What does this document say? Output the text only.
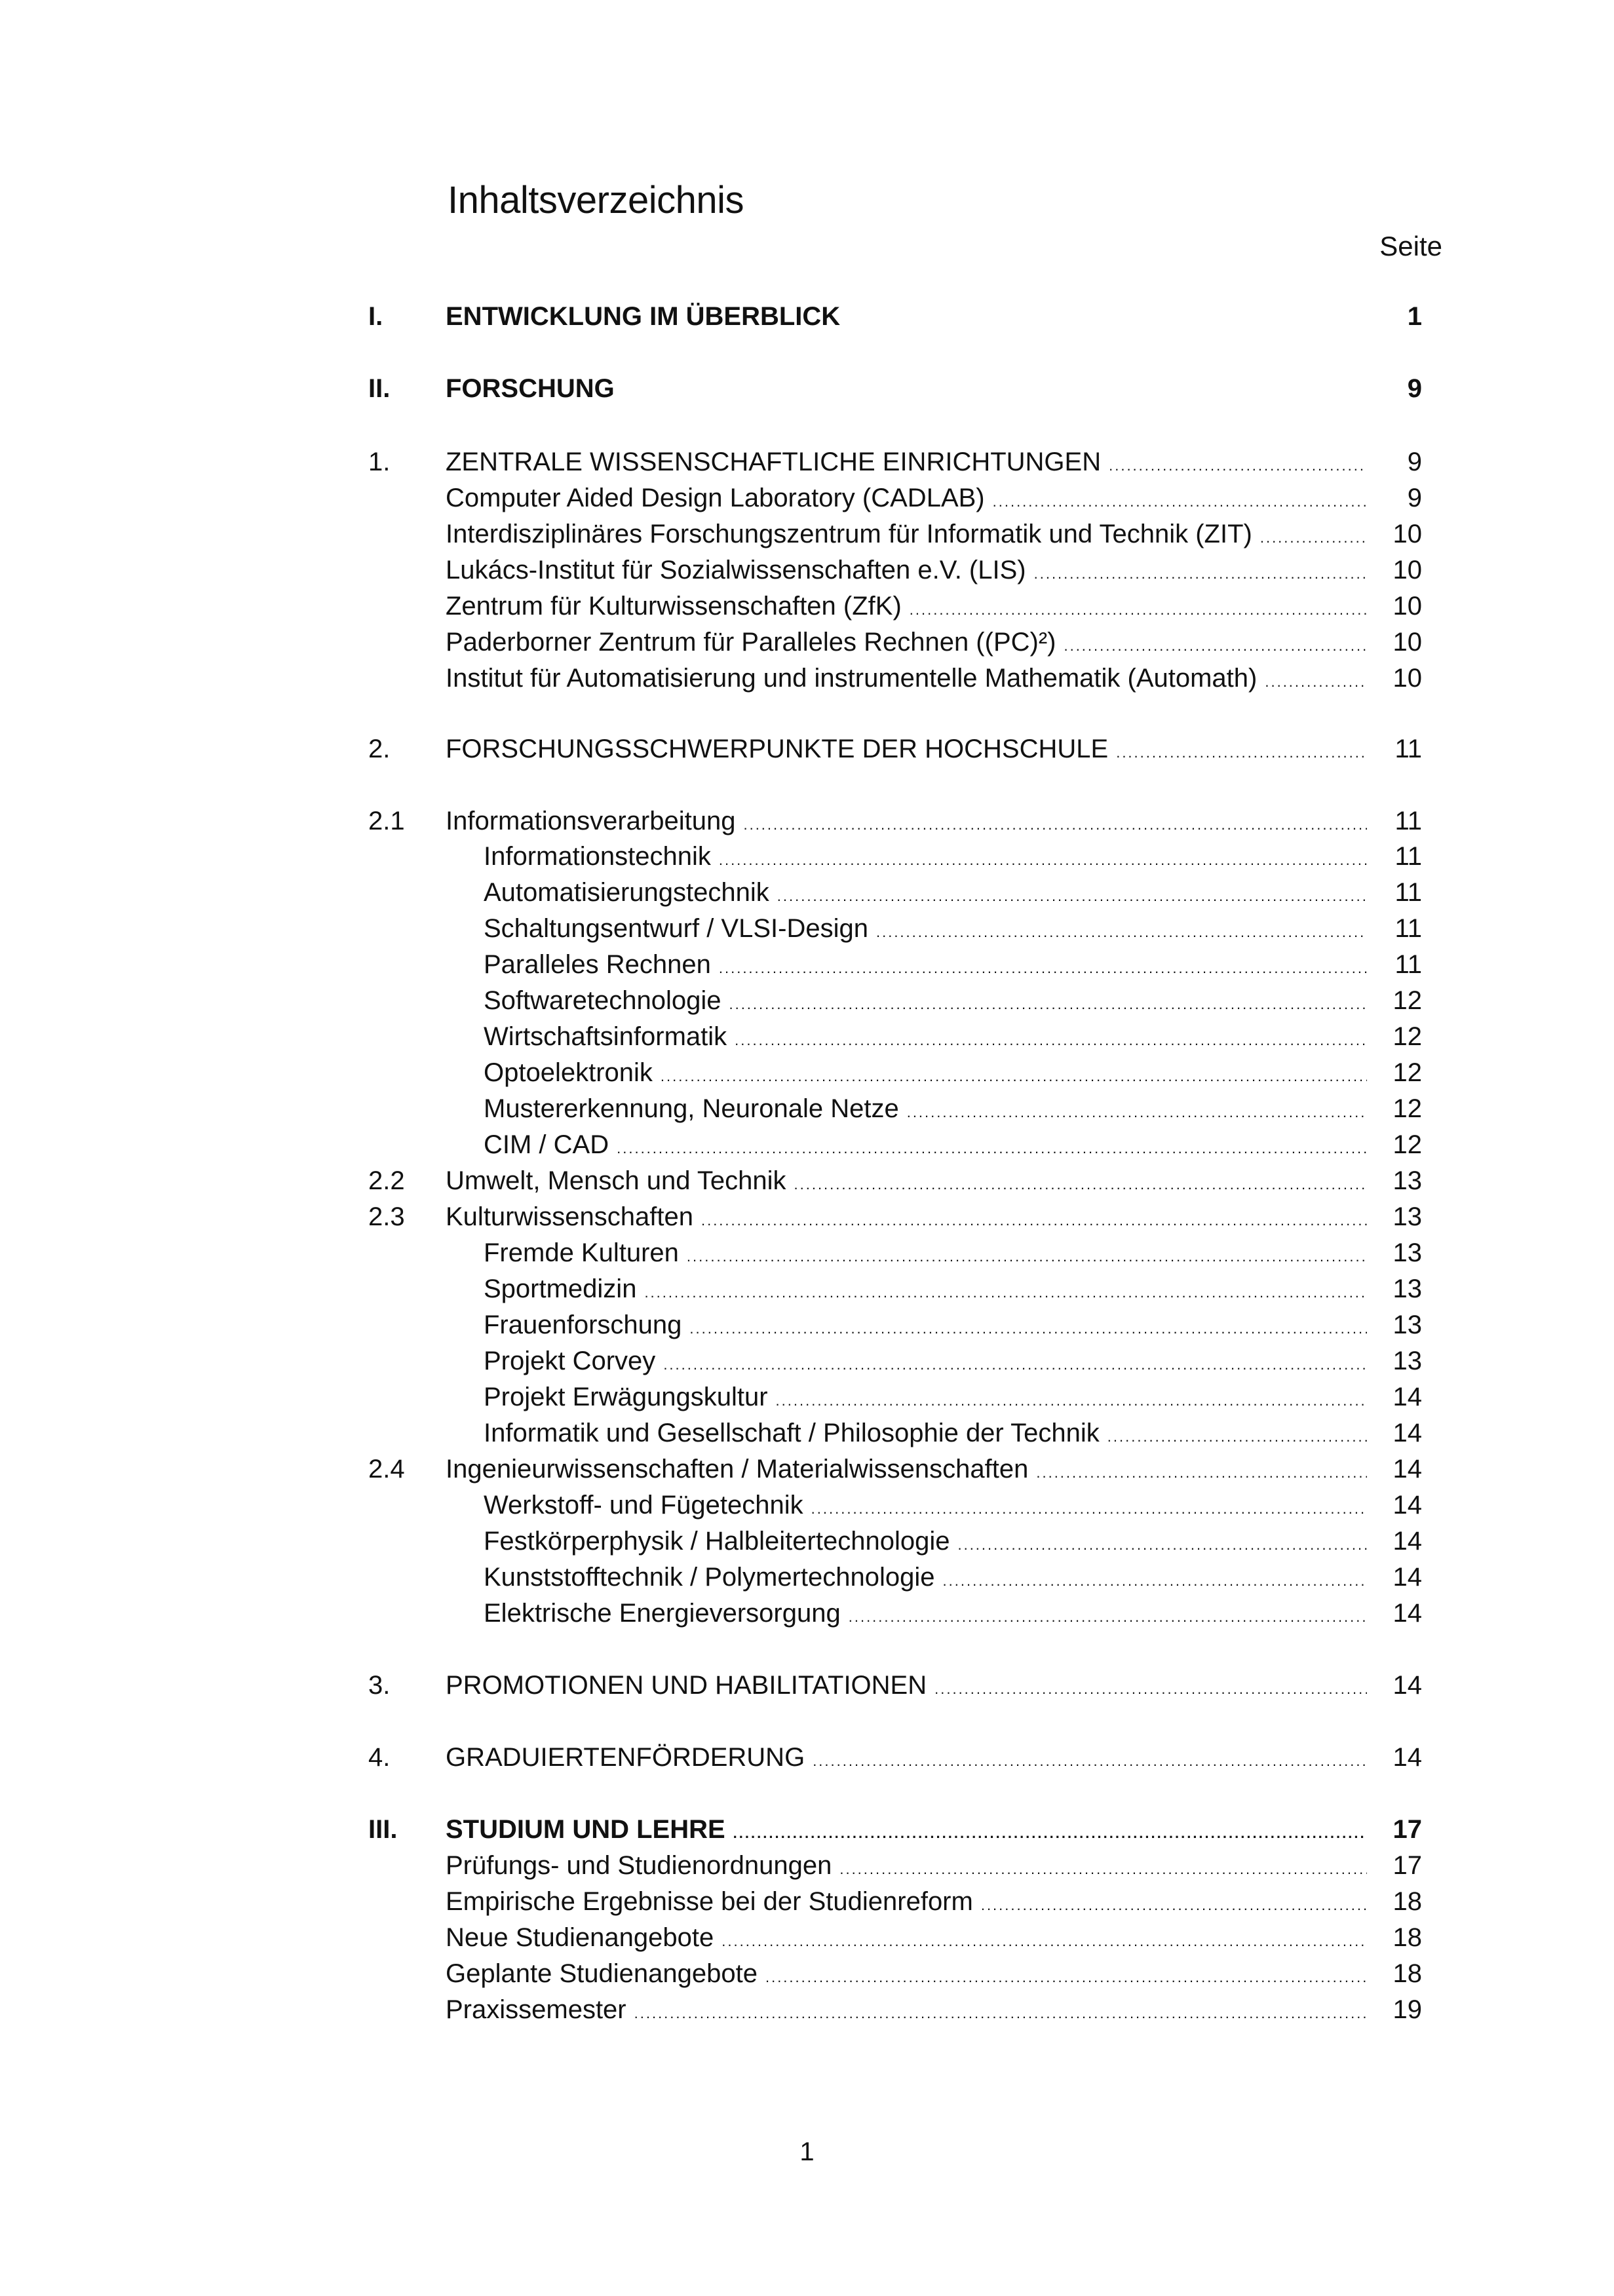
Inhaltsverzeichnis
Seite
I.	ENTWICKLUNG IM ÜBERBLICK	1
II.	FORSCHUNG	9
1.	ZENTRALE WISSENSCHAFTLICHE EINRICHTUNGEN .....	9
Computer Aided Design Laboratory (CADLAB) .....	9
Interdisziplinäres Forschungszentrum für Informatik und Technik (ZIT) .....	10
Lukács-Institut für Sozialwissenschaften e.V. (LIS) .....	10
Zentrum für Kulturwissenschaften (ZfK) .....	10
Paderborner Zentrum für Paralleles Rechnen ((PC)²) .....	10
Institut für Automatisierung und instrumentelle Mathematik (Automath) .....	10
2.	FORSCHUNGSSCHWERPUNKTE DER HOCHSCHULE .....	11
2.1	Informationsverarbeitung .....	11
Informationstechnik .....	11
Automatisierungstechnik .....	11
Schaltungsentwurf / VLSI-Design .....	11
Paralleles Rechnen .....	11
Softwaretechnologie .....	12
Wirtschaftsinformatik .....	12
Optoelektronik .....	12
Mustererkennung, Neuronale Netze .....	12
CIM / CAD .....	12
2.2	Umwelt, Mensch und Technik .....	13
2.3	Kulturwissenschaften .....	13
Fremde Kulturen .....	13
Sportmedizin .....	13
Frauenforschung .....	13
Projekt Corvey .....	13
Projekt Erwägungskultur .....	14
Informatik und Gesellschaft / Philosophie der Technik .....	14
2.4	Ingenieurwissenschaften / Materialwissenschaften .....	14
Werkstoff- und Fügetechnik .....	14
Festkörperphysik / Halbleitertechnologie .....	14
Kunststofftechnik / Polymertechnologie .....	14
Elektrische Energieversorgung .....	14
3.	PROMOTIONEN UND HABILITATIONEN .....	14
4.	GRADUIERTENFÖRDERUNG .....	14
III.	STUDIUM UND LEHRE .....	17
Prüfungs- und Studienordnungen .....	17
Empirische Ergebnisse bei der Studienreform .....	18
Neue Studienangebote .....	18
Geplante Studienangebote .....	18
Praxissemester .....	19
1
